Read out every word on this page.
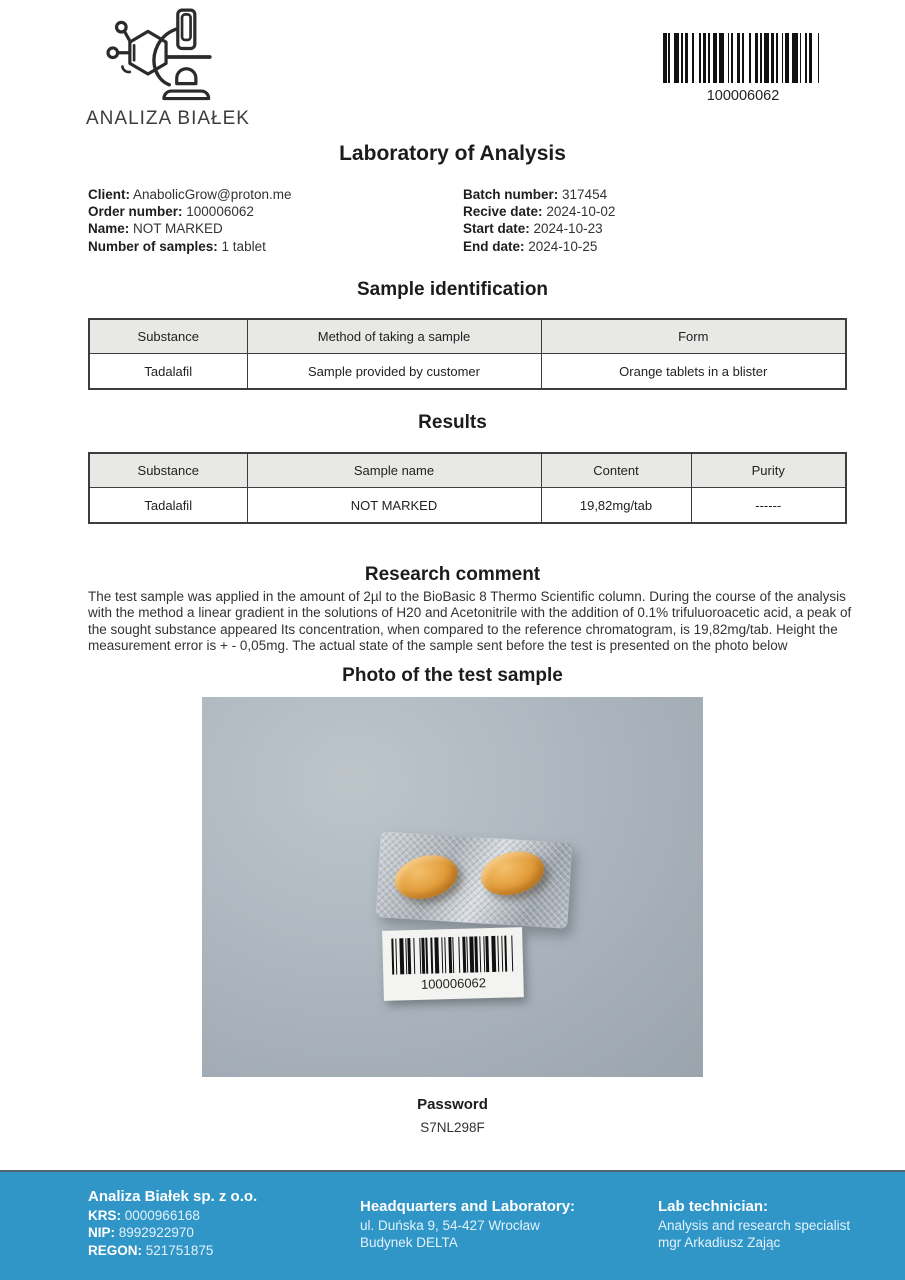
ANALIZA BIAŁEK
100006062
Laboratory of Analysis
Client: AnabolicGrow@proton.me
Order number: 100006062
Name: NOT MARKED
Number of samples: 1 tablet
Batch number: 317454
Recive date: 2024-10-02
Start date: 2024-10-23
End date: 2024-10-25
Sample identification
Substance	Method of taking a sample	Form
Tadalafil	Sample provided by customer	Orange tablets in a blister
Results
Substance	Sample name	Content	Purity
Tadalafil	NOT MARKED	19,82mg/tab	------
Research comment

The test sample was applied in the amount of 2µl to the BioBasic 8 Thermo Scientific column. During the course of the analysis with the method a linear gradient in the solutions of H20 and Acetonitrile with the addition of 0.1% trifuluoroacetic acid, a peak of the sought substance appeared Its concentration, when compared to the reference chromatogram, is 19,82mg/tab. Height the measurement error is + - 0,05mg. The actual state of the sample sent before the test is presented on the photo below

Photo of the test sample
100006062
Password
S7NL298F
Analiza Białek sp. z o.o.
KRS: 0000966168
NIP: 8992922970
REGON: 521751875
Headquarters and Laboratory:
ul. Duńska 9, 54-427 Wrocław
Budynek DELTA
Lab technician:
Analysis and research specialist
mgr Arkadiusz Zając
